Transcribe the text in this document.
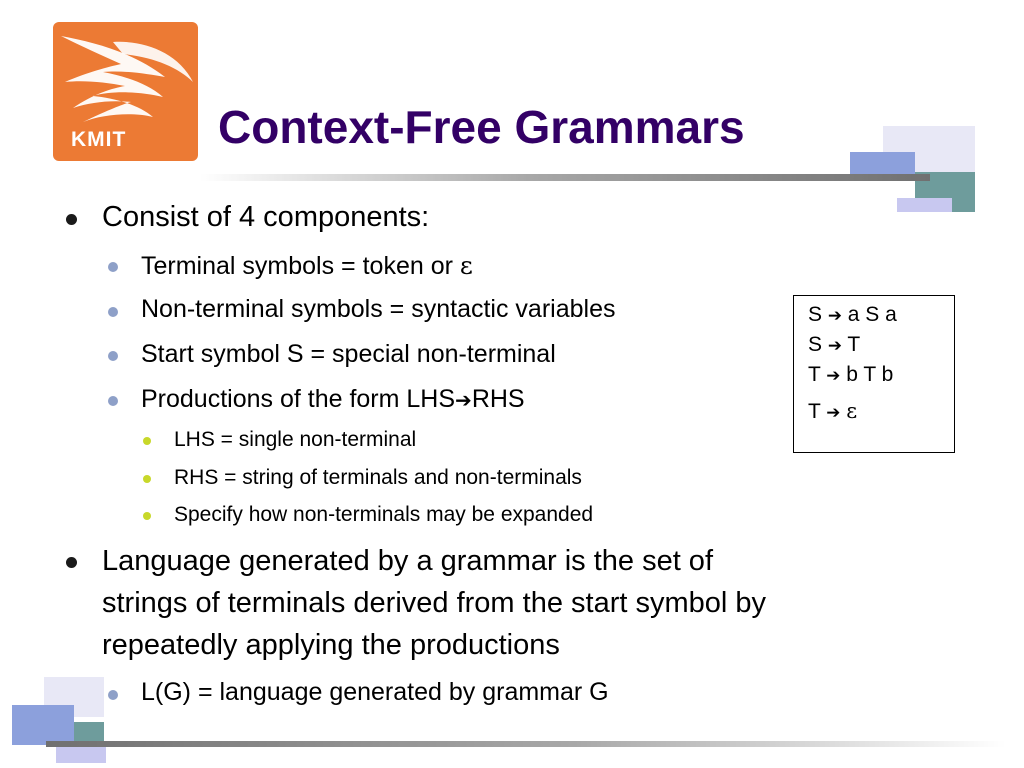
KMIT Context-Free Grammars
Consist of 4 components:
Terminal symbols = token or ε
Non-terminal symbols = syntactic variables
Start symbol S = special non-terminal
Productions of the form LHS➔RHS
LHS = single non-terminal
RHS = string of terminals and non-terminals
Specify how non-terminals may be expanded
Language generated by a grammar is the set of
strings of terminals derived from the start symbol by
repeatedly applying the productions
L(G) = language generated by grammar G
S ➔ a S a
S ➔ T
T ➔ b T b
T ➔ ε
